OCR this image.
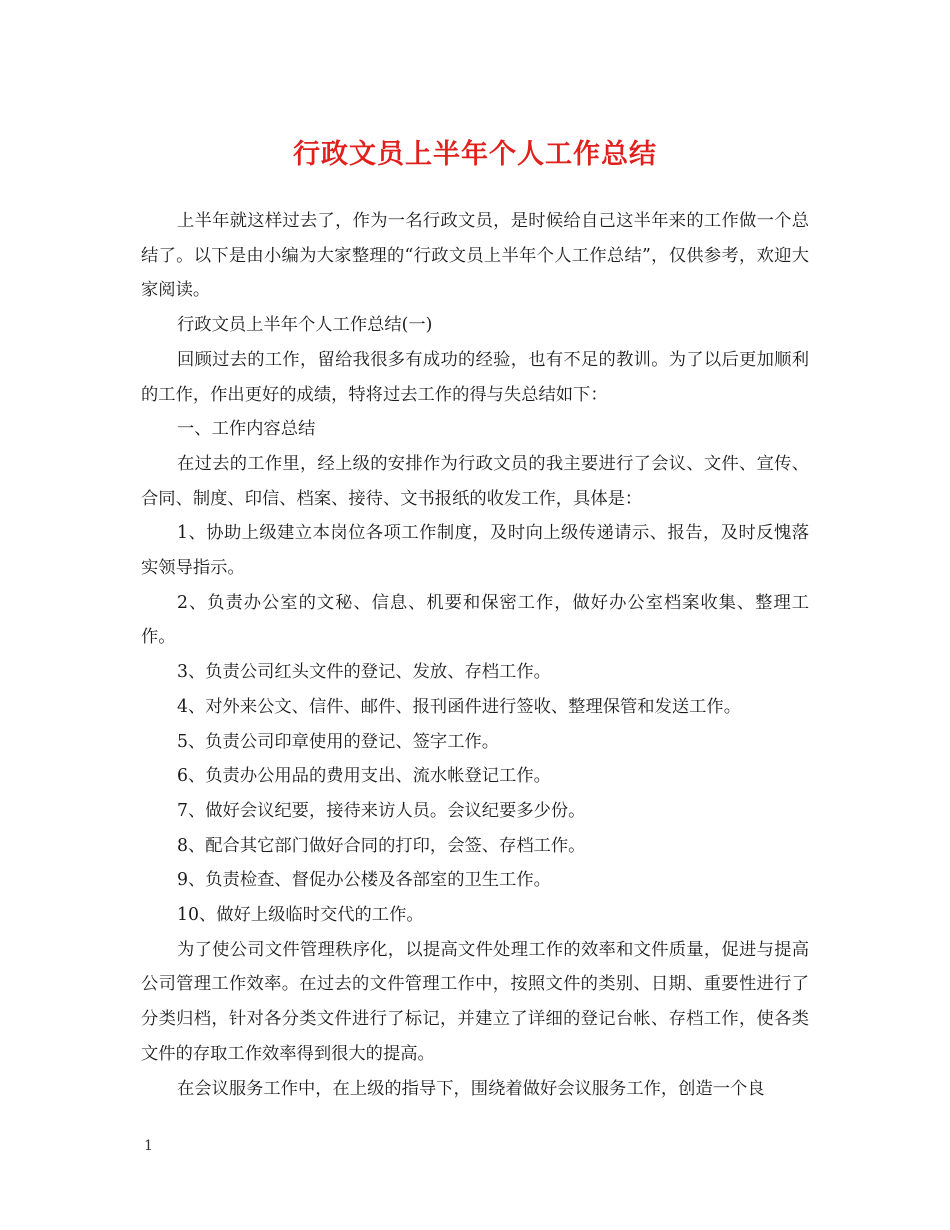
行政文员上半年个人工作总结

上半年就这样过去了，作为一名行政文员，是时候给自己这半年来的工作做一个总结了。以下是由小编为大家整理的“行政文员上半年个人工作总结”，仅供参考，欢迎大家阅读。

行政文员上半年个人工作总结(一)

回顾过去的工作，留给我很多有成功的经验，也有不足的教训。为了以后更加顺利的工作，作出更好的成绩，特将过去工作的得与失总结如下：

一、工作内容总结

在过去的工作里，经上级的安排作为行政文员的我主要进行了会议、文件、宣传、合同、制度、印信、档案、接待、文书报纸的收发工作，具体是：

1、协助上级建立本岗位各项工作制度，及时向上级传递请示、报告，及时反愧落实领导指示。

2、负责办公室的文秘、信息、机要和保密工作，做好办公室档案收集、整理工作。

3、负责公司红头文件的登记、发放、存档工作。

4、对外来公文、信件、邮件、报刊函件进行签收、整理保管和发送工作。

5、负责公司印章使用的登记、签字工作。

6、负责办公用品的费用支出、流水帐登记工作。

7、做好会议纪要，接待来访人员。会议纪要多少份。

8、配合其它部门做好合同的打印，会签、存档工作。

9、负责检查、督促办公楼及各部室的卫生工作。

10、做好上级临时交代的工作。

为了使公司文件管理秩序化，以提高文件处理工作的效率和文件质量，促进与提高公司管理工作效率。在过去的文件管理工作中，按照文件的类别、日期、重要性进行了分类归档，针对各分类文件进行了标记，并建立了详细的登记台帐、存档工作，使各类文件的存取工作效率得到很大的提高。

在会议服务工作中，在上级的指导下，围绕着做好会议服务工作，创造一个良

1
